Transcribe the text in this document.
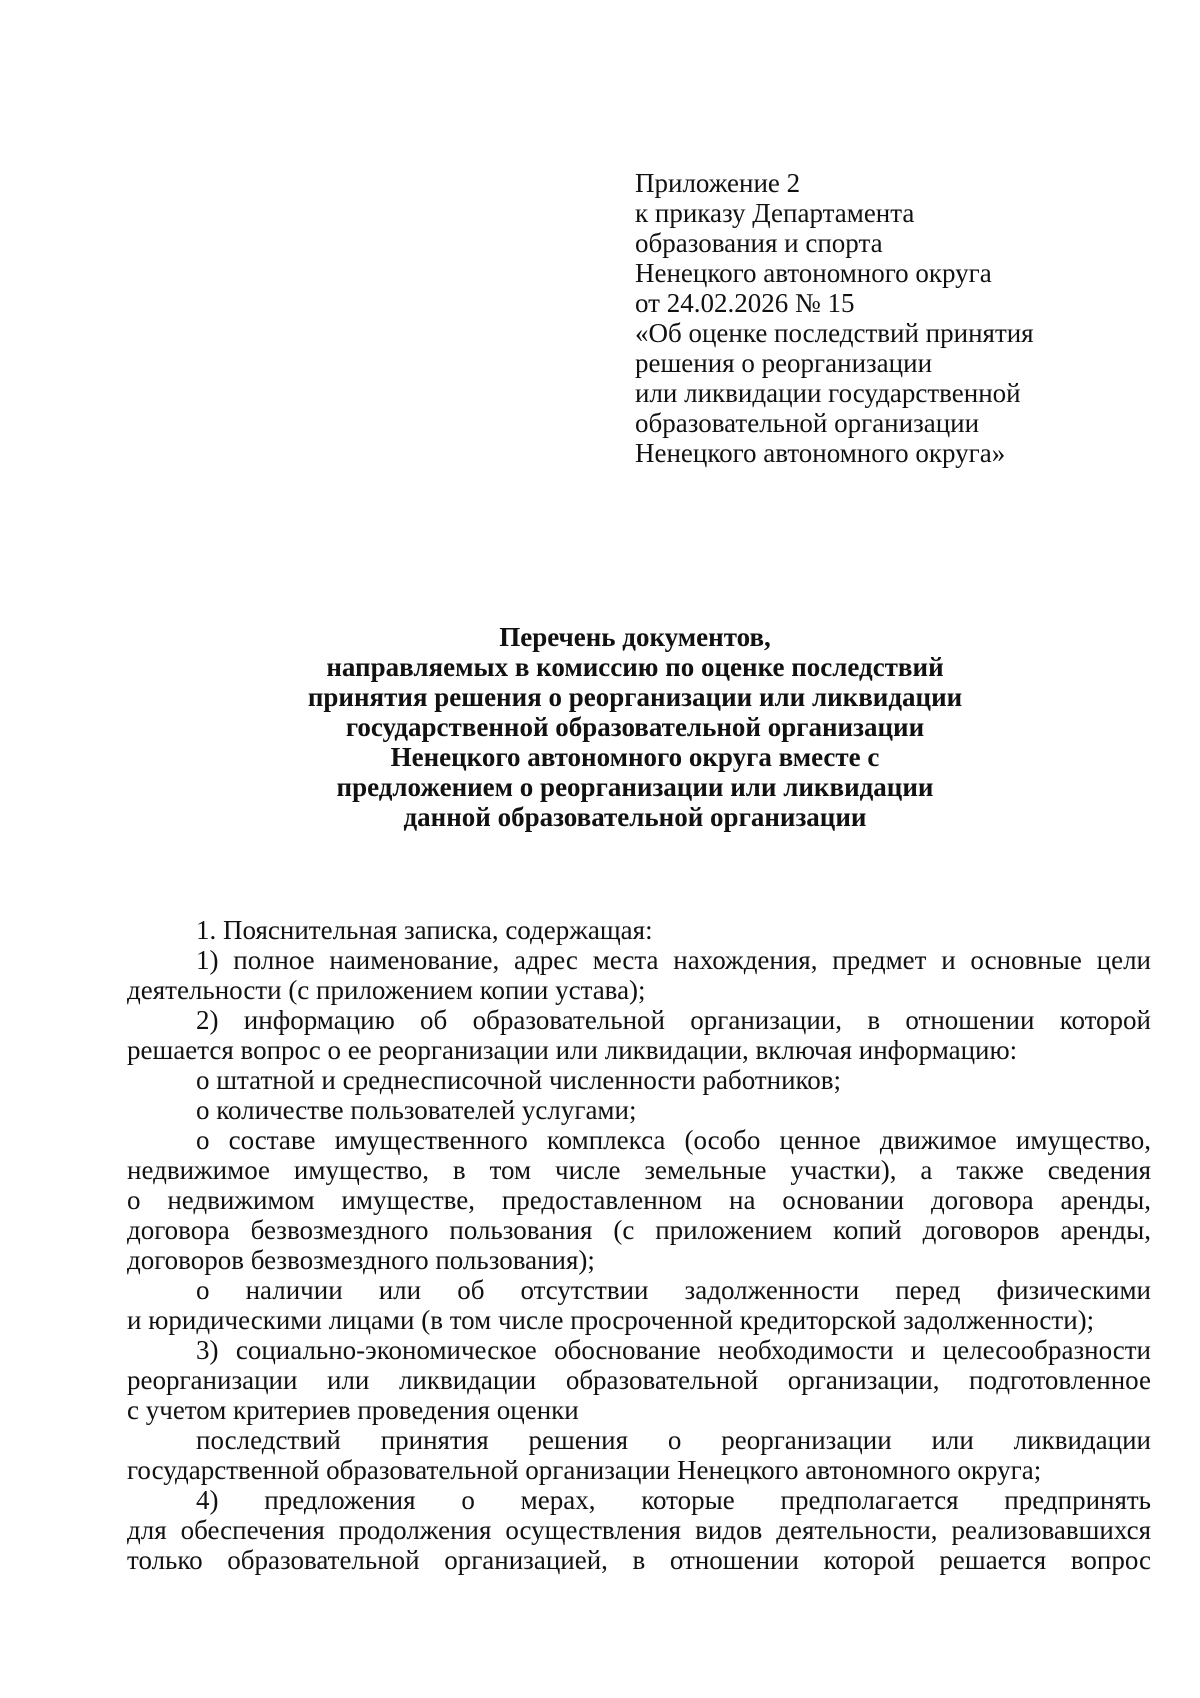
Приложение 2
к приказу Департамента
образования и спорта
Ненецкого автономного округа
от 24.02.2026 № 15
«Об оценке последствий принятия
решения о реорганизации
или ликвидации государственной
образовательной организации
Ненецкого автономного округа»
Перечень документов,
направляемых в комиссию по оценке последствий
принятия решения о реорганизации или ликвидации
государственной образовательной организации
Ненецкого автономного округа вместе с
предложением о реорганизации или ликвидации
данной образовательной организации
1. Пояснительная записка, содержащая:
1) полное наименование, адрес места нахождения, предмет и основные цели
деятельности (с приложением копии устава);
2) информацию об образовательной организации, в отношении которой
решается вопрос о ее реорганизации или ликвидации, включая информацию:
о штатной и среднесписочной численности работников;
о количестве пользователей услугами;
о составе имущественного комплекса (особо ценное движимое имущество,
недвижимое имущество, в том числе земельные участки), а также сведения
о недвижимом имуществе, предоставленном на основании договора аренды,
договора безвозмездного пользования (с приложением копий договоров аренды,
договоров безвозмездного пользования);
о наличии или об отсутствии задолженности перед физическими
и юридическими лицами (в том числе просроченной кредиторской задолженности);
3) социально-экономическое обоснование необходимости и целесообразности
реорганизации или ликвидации образовательной организации, подготовленное
с учетом критериев проведения оценки
последствий принятия решения о реорганизации или ликвидации
государственной образовательной организации Ненецкого автономного округа;
4) предложения о мерах, которые предполагается предпринять
для обеспечения продолжения осуществления видов деятельности, реализовавшихся
только образовательной организацией, в отношении которой решается вопрос
